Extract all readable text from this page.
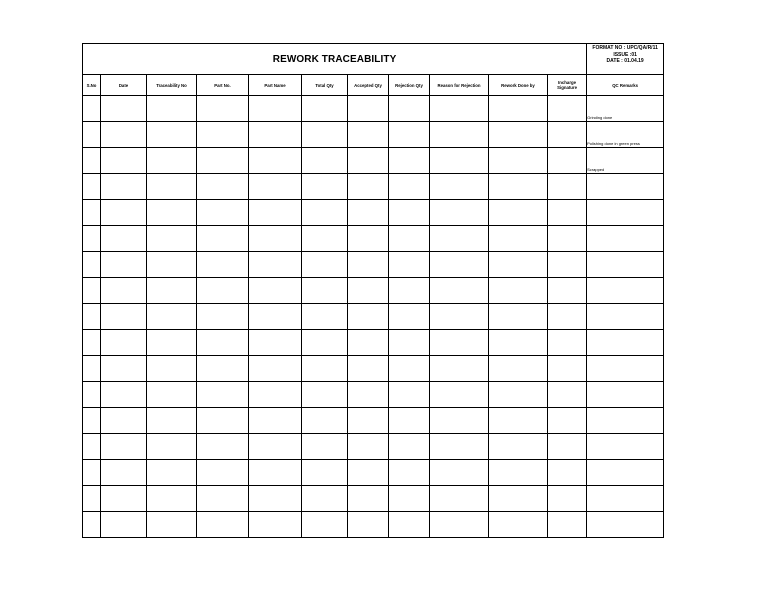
REWORK TRACEABILITY											FORMAT NO : UPC/QA/R/11
ISSUE :01
DATE : 01.04.19

S.No	Date	Traceability No	Part No.	Part Name	Total Qty	Accepted Qty	Rejection Qty	Reason for Rejection	Rework Done by	Incharge Signature	QC Remarks
											Grinding done
											Polishing done in green press
											Scrapped
